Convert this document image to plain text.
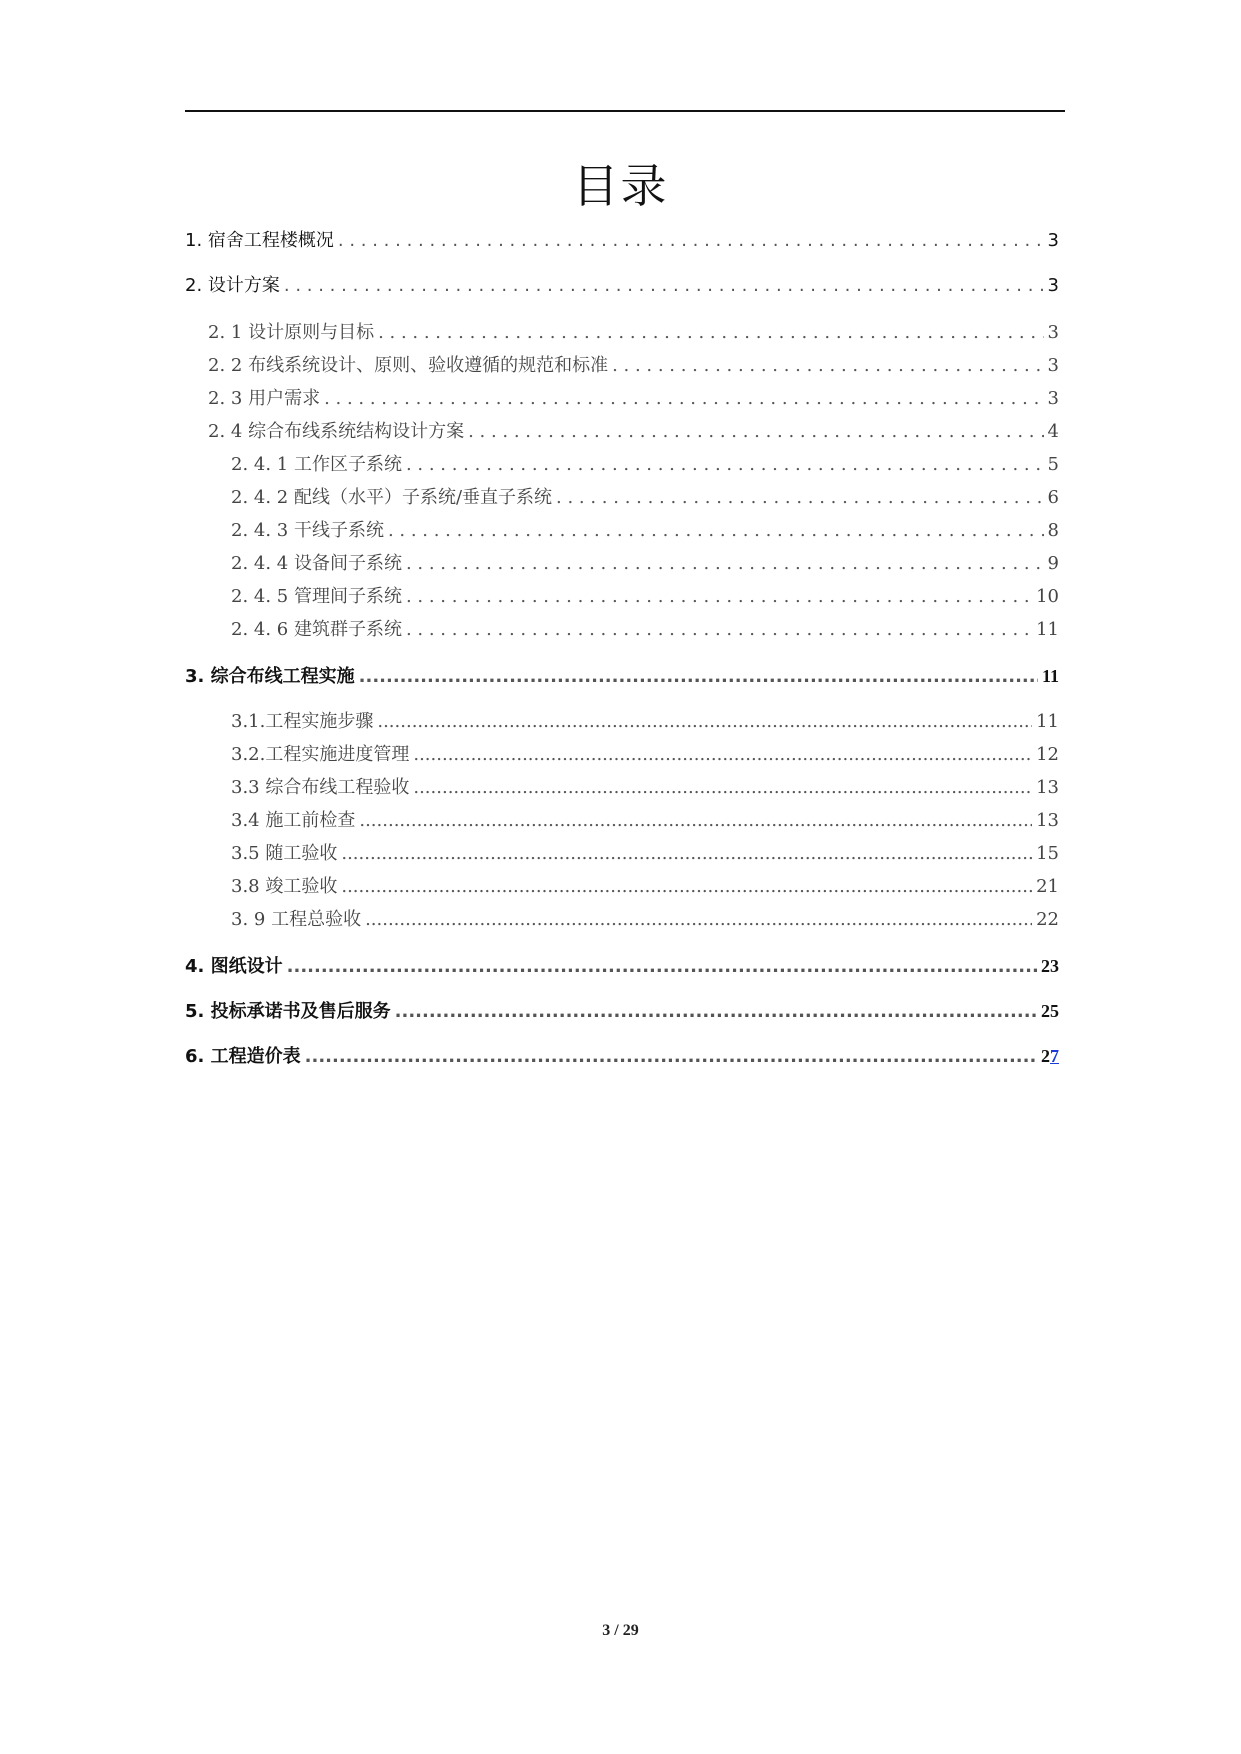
目录
1. 宿舍工程楼概况 . . .	3
2. 设计方案 . . .	3
2. 1 设计原则与目标 . . .	3
2. 2 布线系统设计、原则、验收遵循的规范和标准 . . .	3
2. 3 用户需求 . . .	3
2. 4 综合布线系统结构设计方案 . . .	4
2. 4. 1 工作区子系统 . . .	5
2. 4. 2 配线（水平）子系统/垂直子系统 . . .	6
2. 4. 3 干线子系统 . . .	8
2. 4. 4 设备间子系统 . . .	9
2. 4. 5 管理间子系统 . . .	10
2. 4. 6 建筑群子系统 . . .	11
3. 综合布线工程实施 .....	11
3.1.工程实施步骤 .....	11
3.2.工程实施进度管理 .....	12
3.3 综合布线工程验收 .....	13
3.4 施工前检查 .....	13
3.5 随工验收 .....	15
3.8 竣工验收 .....	21
3. 9 工程总验收 .....	22
4. 图纸设计 .....	23
5. 投标承诺书及售后服务 .....	25
6. 工程造价表 .....	27
3 / 29
